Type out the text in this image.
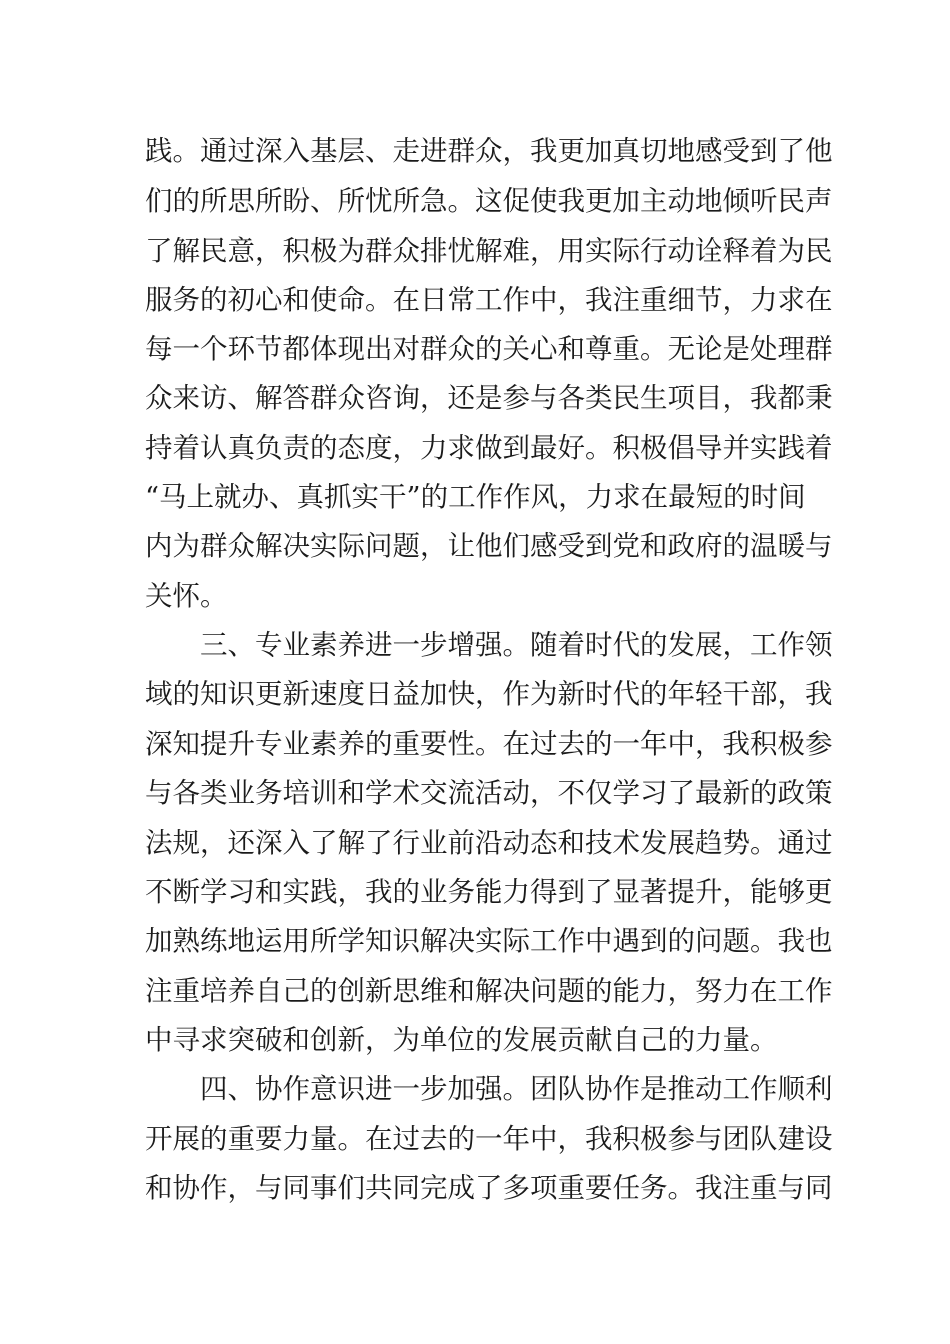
践。通过深入基层、走进群众，我更加真切地感受到了他
们的所思所盼、所忧所急。这促使我更加主动地倾听民声
了解民意，积极为群众排忧解难，用实际行动诠释着为民
服务的初心和使命。在日常工作中，我注重细节，力求在
每一个环节都体现出对群众的关心和尊重。无论是处理群
众来访、解答群众咨询，还是参与各类民生项目，我都秉
持着认真负责的态度，力求做到最好。积极倡导并实践着
“马上就办、真抓实干”的工作作风，力求在最短的时间
内为群众解决实际问题，让他们感受到党和政府的温暖与
关怀。
三、专业素养进一步增强。随着时代的发展，工作领
域的知识更新速度日益加快，作为新时代的年轻干部，我
深知提升专业素养的重要性。在过去的一年中，我积极参
与各类业务培训和学术交流活动，不仅学习了最新的政策
法规，还深入了解了行业前沿动态和技术发展趋势。通过
不断学习和实践，我的业务能力得到了显著提升，能够更
加熟练地运用所学知识解决实际工作中遇到的问题。我也
注重培养自己的创新思维和解决问题的能力，努力在工作
中寻求突破和创新，为单位的发展贡献自己的力量。
四、协作意识进一步加强。团队协作是推动工作顺利
开展的重要力量。在过去的一年中，我积极参与团队建设
和协作，与同事们共同完成了多项重要任务。我注重与同
